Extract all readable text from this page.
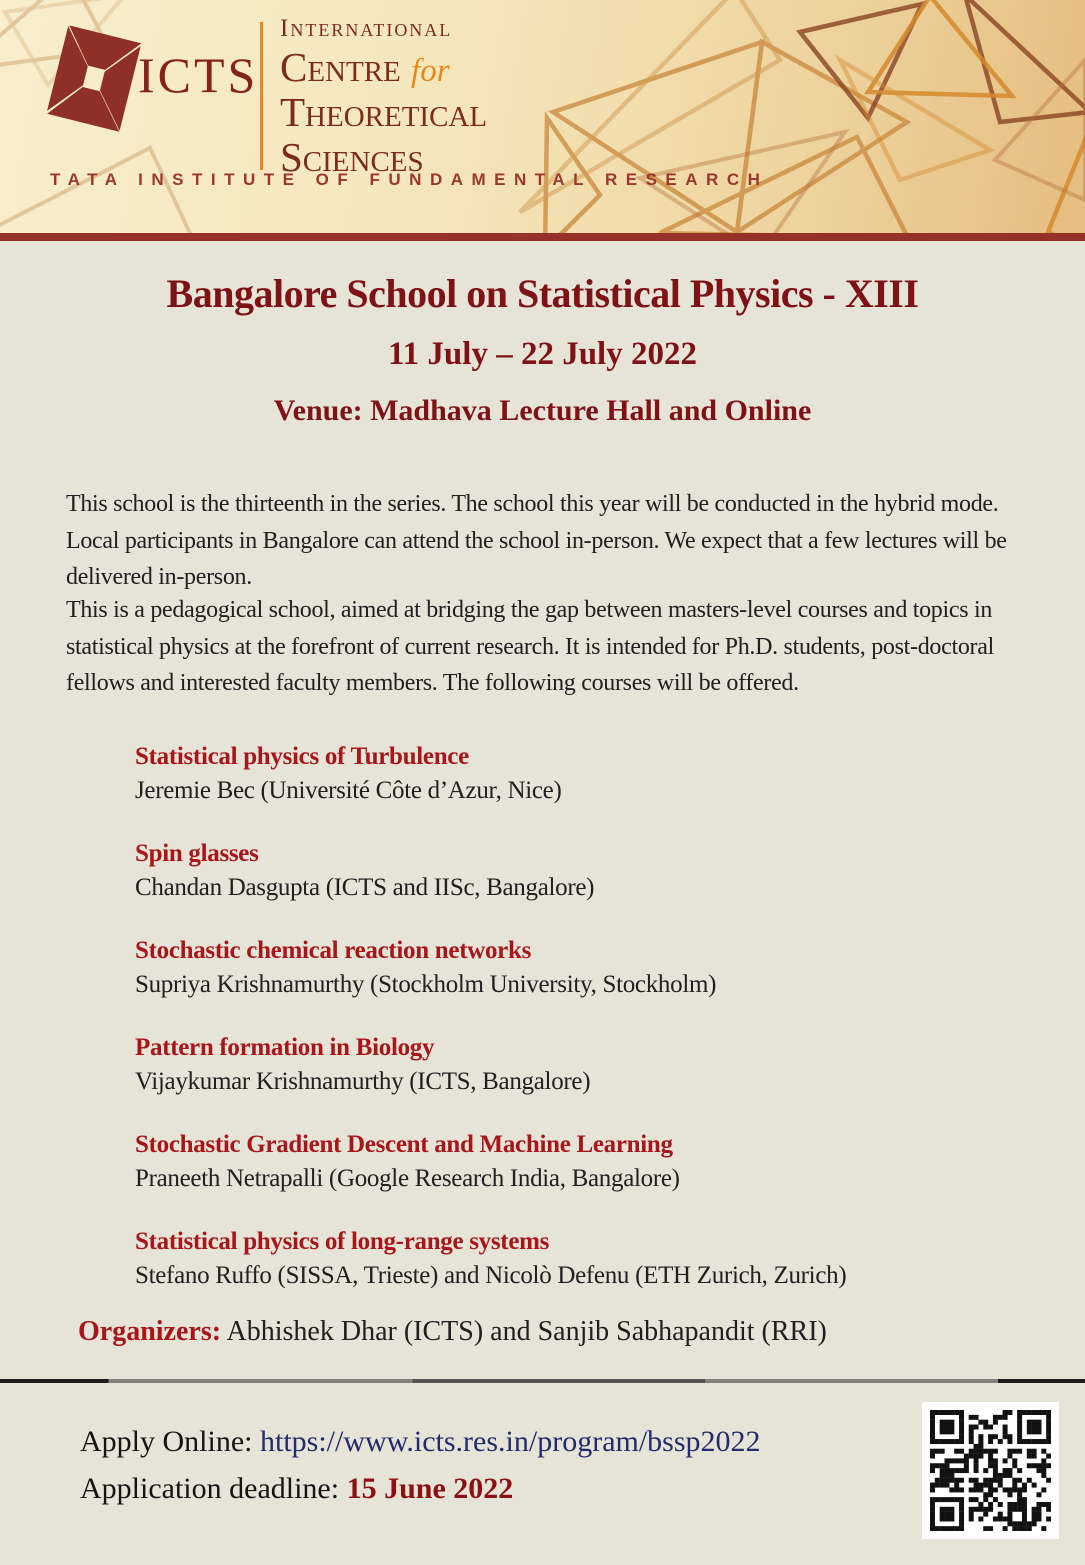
ICTS
International
Centre for
Theoretical
Sciences
TATA INSTITUTE OF FUNDAMENTAL RESEARCH
Bangalore School on Statistical Physics - XIII
11 July – 22 July 2022
Venue: Madhava Lecture Hall and Online
This school is the thirteenth in the series. The school this year will be conducted in the hybrid mode. Local participants in Bangalore can attend the school in-person. We expect that a few lectures will be delivered in-person.
This is a pedagogical school, aimed at bridging the gap between masters-level courses and topics in statistical physics at the forefront of current research. It is intended for Ph.D. students, post-doctoral fellows and interested faculty members. The following courses will be offered.
Statistical physics of Turbulence
Jeremie Bec (Université Côte d’Azur, Nice)
Spin glasses
Chandan Dasgupta (ICTS and IISc, Bangalore)
Stochastic chemical reaction networks
Supriya Krishnamurthy (Stockholm University, Stockholm)
Pattern formation in Biology
Vijaykumar Krishnamurthy (ICTS, Bangalore)
Stochastic Gradient Descent and Machine Learning
Praneeth Netrapalli (Google Research India, Bangalore)
Statistical physics of long-range systems
Stefano Ruffo (SISSA, Trieste) and Nicolò Defenu (ETH Zurich, Zurich)
Organizers: Abhishek Dhar (ICTS) and Sanjib Sabhapandit (RRI)
Apply Online: https://www.icts.res.in/program/bssp2022
Application deadline: 15 June 2022
